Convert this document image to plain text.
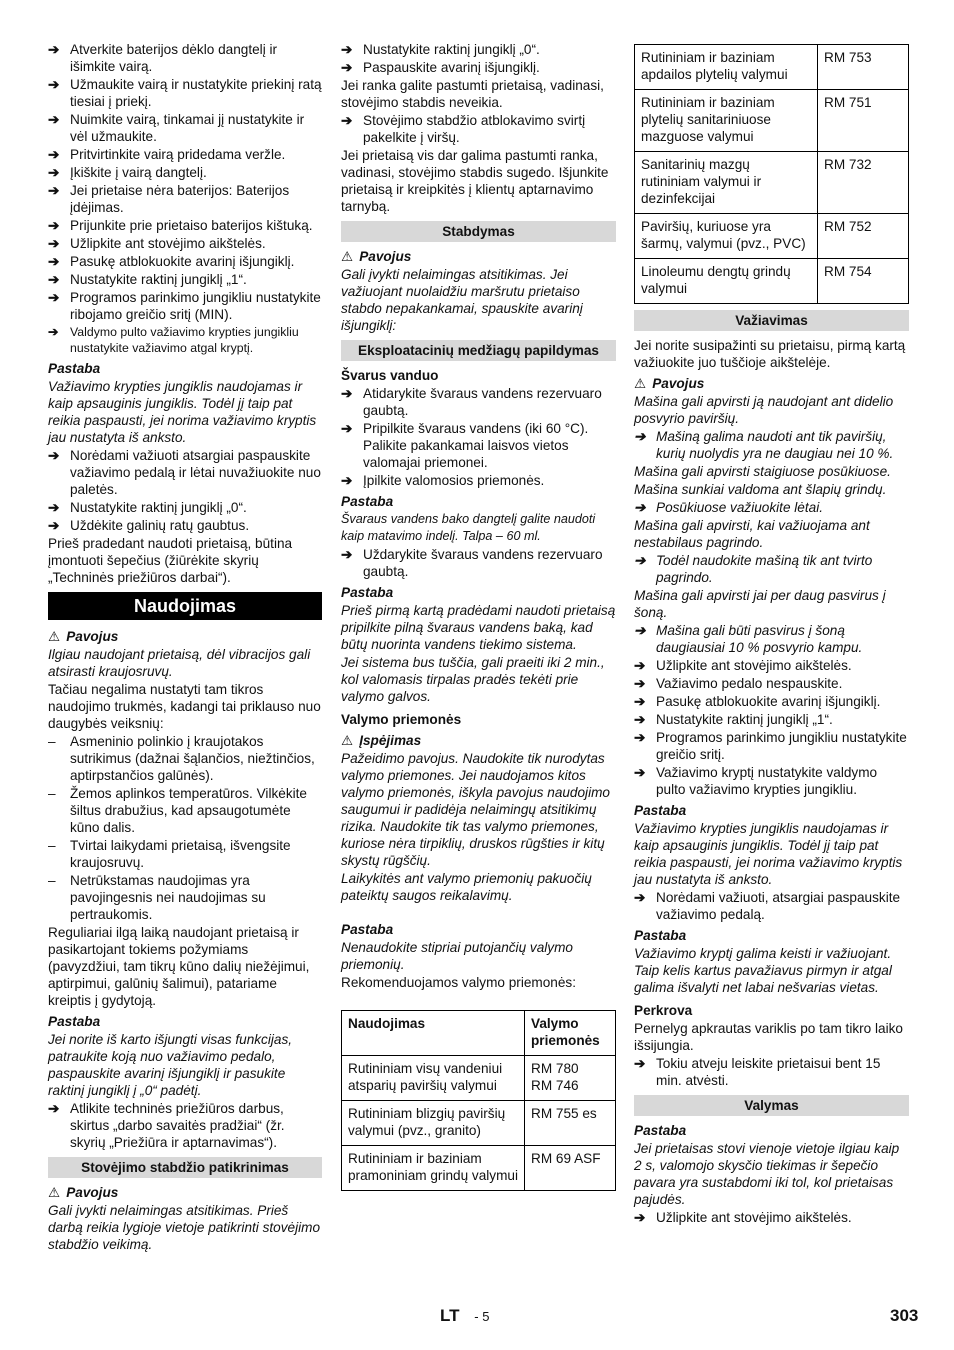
➔ Atverkite baterijos dėklo dangtelį ir išimkite vairą.
➔ Užmaukite vairą ir nustatykite priekinį ratą tiesiai į priekį.
➔ Nuimkite vairą, tinkamai jį nustatykite ir vėl užmaukite.
➔ Pritvirtinkite vairą pridedama veržle.
➔ Įkiškite į vairą dangtelį.
➔ Jei prietaise nėra baterijos: Baterijos įdėjimas.
➔ Prijunkite prie prietaiso baterijos kištuką.
➔ Užlipkite ant stovėjimo aikštelės.
➔ Pasukę atblokuokite avarinį išjungiklį.
➔ Nustatykite raktinį jungiklį „1“.
➔ Programos parinkimo jungikliu nustatykite ribojamo greičio sritį (MIN).
➔ Valdymo pulto važiavimo krypties jungikliu nustatykite važiavimo atgal kryptį.

Pastaba

Važiavimo krypties jungiklis naudojamas ir kaip apsauginis jungiklis. Todėl jį taip pat reikia paspausti, jei norima važiavimo kryptis jau nustatyta iš anksto.

➔ Norėdami važiuoti atsargiai paspauskite važiavimo pedalą ir lėtai nuvažiuokite nuo paletės.
➔ Nustatykite raktinį jungiklį „0“.
➔ Uždėkite galinių ratų gaubtus.

Prieš pradedant naudoti prietaisą, būtina įmontuoti šepečius (žiūrėkite skyrių „Techninės priežiūros darbai“).

Naudojimas

⚠ Pavojus

Ilgiau naudojant prietaisą, dėl vibracijos gali atsirasti kraujosruvų.

Tačiau negalima nustatyti tam tikros naudojimo trukmės, kadangi tai priklauso nuo daugybės veiksnių:

– Asmeninio polinkio į kraujotakos sutrikimus (dažnai šąlančios, niežtinčios, aptirpstančios galūnės).
– Žemos aplinkos temperatūros. Vilkėkite šiltus drabužius, kad apsaugotumėte kūno dalis.
– Tvirtai laikydami prietaisą, išvengsite kraujosruvų.
– Netrūkstamas naudojimas yra pavojingesnis nei naudojimas su pertraukomis.

Reguliariai ilgą laiką naudojant prietaisą ir pasikartojant tokiems požymiams (pavyzdžiui, tam tikrų kūno dalių niežėjimui, aptirpimui, galūnių šalimui), patariame kreiptis į gydytoją.

Pastaba

Jei norite iš karto išjungti visas funkcijas, patraukite koją nuo važiavimo pedalo, paspauskite avarinį išjungiklį ir pasukite raktinį jungiklį į „0“ padėtį.

➔ Atlikite techninės priežiūros darbus, skirtus „darbo savaitės pradžiai“ (žr. skyrių „Priežiūra ir aptarnavimas“).
Stovėjimo stabdžio patikrinimas

⚠ Pavojus

Gali įvykti nelaimingas atsitikimas. Prieš darbą reikia lygioje vietoje patikrinti stovėjimo stabdžio veikimą.

➔ Nustatykite raktinį jungiklį „0“.
➔ Paspauskite avarinį išjungiklį.

Jei ranka galite pastumti prietaisą, vadinasi, stovėjimo stabdis neveikia.

➔ Stovėjimo stabdžio atblokavimo svirtį pakelkite į viršų.

Jei prietaisą vis dar galima pastumti ranka, vadinasi, stovėjimo stabdis sugedo. Išjunkite prietaisą ir kreipkitės į klientų aptarnavimo tarnybą.

Stabdymas

⚠ Pavojus

Gali įvykti nelaimingas atsitikimas. Jei važiuojant nuolaidžiu maršrutu prietaiso stabdo nepakankamai, spauskite avarinį išjungiklį:

Eksploatacinių medžiagų papildymas

Švarus vanduo

➔ Atidarykite švaraus vandens rezervuaro gaubtą.
➔ Pripilkite švaraus vandens (iki 60 °C). Palikite pakankamai laisvos vietos valomajai priemonei.
➔ Įpilkite valomosios priemonės.

Pastaba

Švaraus vandens bako dangtelį galite naudoti kaip matavimo indelį. Talpa – 60 ml.

➔ Uždarykite švaraus vandens rezervuaro gaubtą.

Pastaba

Prieš pirmą kartą pradėdami naudoti prietaisą pripilkite pilną švaraus vandens baką, kad būtų nuorinta vandens tiekimo sistema.

Jei sistema bus tuščia, gali praeiti iki 2 min., kol valomasis tirpalas pradės tekėti prie valymo galvos.

Valymo priemonės

⚠ Įspėjimas

Pažeidimo pavojus. Naudokite tik nurodytas valymo priemones. Jei naudojamos kitos valymo priemonės, iškyla pavojus naudojimo saugumui ir padidėja nelaimingų atsitikimų rizika. Naudokite tik tas valymo priemones, kuriose nėra tirpiklių, druskos rūgšties ir kitų skystų rūgščių.

Laikykitės ant valymo priemonių pakuočių pateiktų saugos reikalavimų.

Pastaba

Nenaudokite stipriai putojančių valymo priemonių.

Rekomenduojamos valymo priemonės:

Naudojimas	Valymo priemonės
Rutininiam visų vandeniui atsparių paviršių valymui	RM 780
RM 746
Rutininiam blizgių paviršių valymui (pvz., granito)	RM 755 es
Rutininiam ir baziniam pramoniniam grindų valymui	RM 69 ASF
Rutininiam ir baziniam apdailos plytelių valymui	RM 753
Rutininiam ir baziniam plytelių sanitariniuose mazguose valymui	RM 751
Sanitarinių mazgų rutininiam valymui ir dezinfekcijai	RM 732
Paviršių, kuriuose yra šarmų, valymui (pvz., PVC)	RM 752
Linoleumu dengtų grindų valymui	RM 754
Važiavimas

Jei norite susipažinti su prietaisu, pirmą kartą važiuokite juo tuščioje aikštelėje.

⚠ Pavojus

Mašina gali apvirsti ją naudojant ant didelio posvyrio paviršių.

➔ Mašiną galima naudoti ant tik paviršių, kurių nuolydis yra ne daugiau nei 10 %.

Mašina gali apvirsti staigiuose posūkiuose.

Mašina sunkiai valdoma ant šlapių grindų.

➔ Posūkiuose važiuokite lėtai.

Mašina gali apvirsti, kai važiuojama ant nestabilaus pagrindo.

➔ Todėl naudokite mašiną tik ant tvirto pagrindo.

Mašina gali apvirsti jai per daug pasvirus į šoną.

➔ Mašina gali būti pasvirus į šoną daugiausiai 10 % posvyrio kampu.
➔ Užlipkite ant stovėjimo aikštelės.
➔ Važiavimo pedalo nespauskite.
➔ Pasukę atblokuokite avarinį išjungiklį.
➔ Nustatykite raktinį jungiklį „1“.
➔ Programos parinkimo jungikliu nustatykite greičio sritį.
➔ Važiavimo kryptį nustatykite valdymo pulto važiavimo krypties jungikliu.

Pastaba

Važiavimo krypties jungiklis naudojamas ir kaip apsauginis jungiklis. Todėl jį taip pat reikia paspausti, jei norima važiavimo kryptis jau nustatyta iš anksto.

➔ Norėdami važiuoti, atsargiai paspauskite važiavimo pedalą.

Pastaba

Važiavimo kryptį galima keisti ir važiuojant. Taip kelis kartus pavažiavus pirmyn ir atgal galima išvalyti net labai nešvarias vietas.

Perkrova

Pernelyg apkrautas variklis po tam tikro laiko išsijungia.

➔ Tokiu atveju leiskite prietaisui bent 15 min. atvėsti.
Valymas

Pastaba

Jei prietaisas stovi vienoje vietoje ilgiau kaip 2 s, valomojo skysčio tiekimas ir šepečio pavara yra sustabdomi iki tol, kol prietaisas pajudės.

➔ Užlipkite ant stovėjimo aikštelės.
LT - 5	303
